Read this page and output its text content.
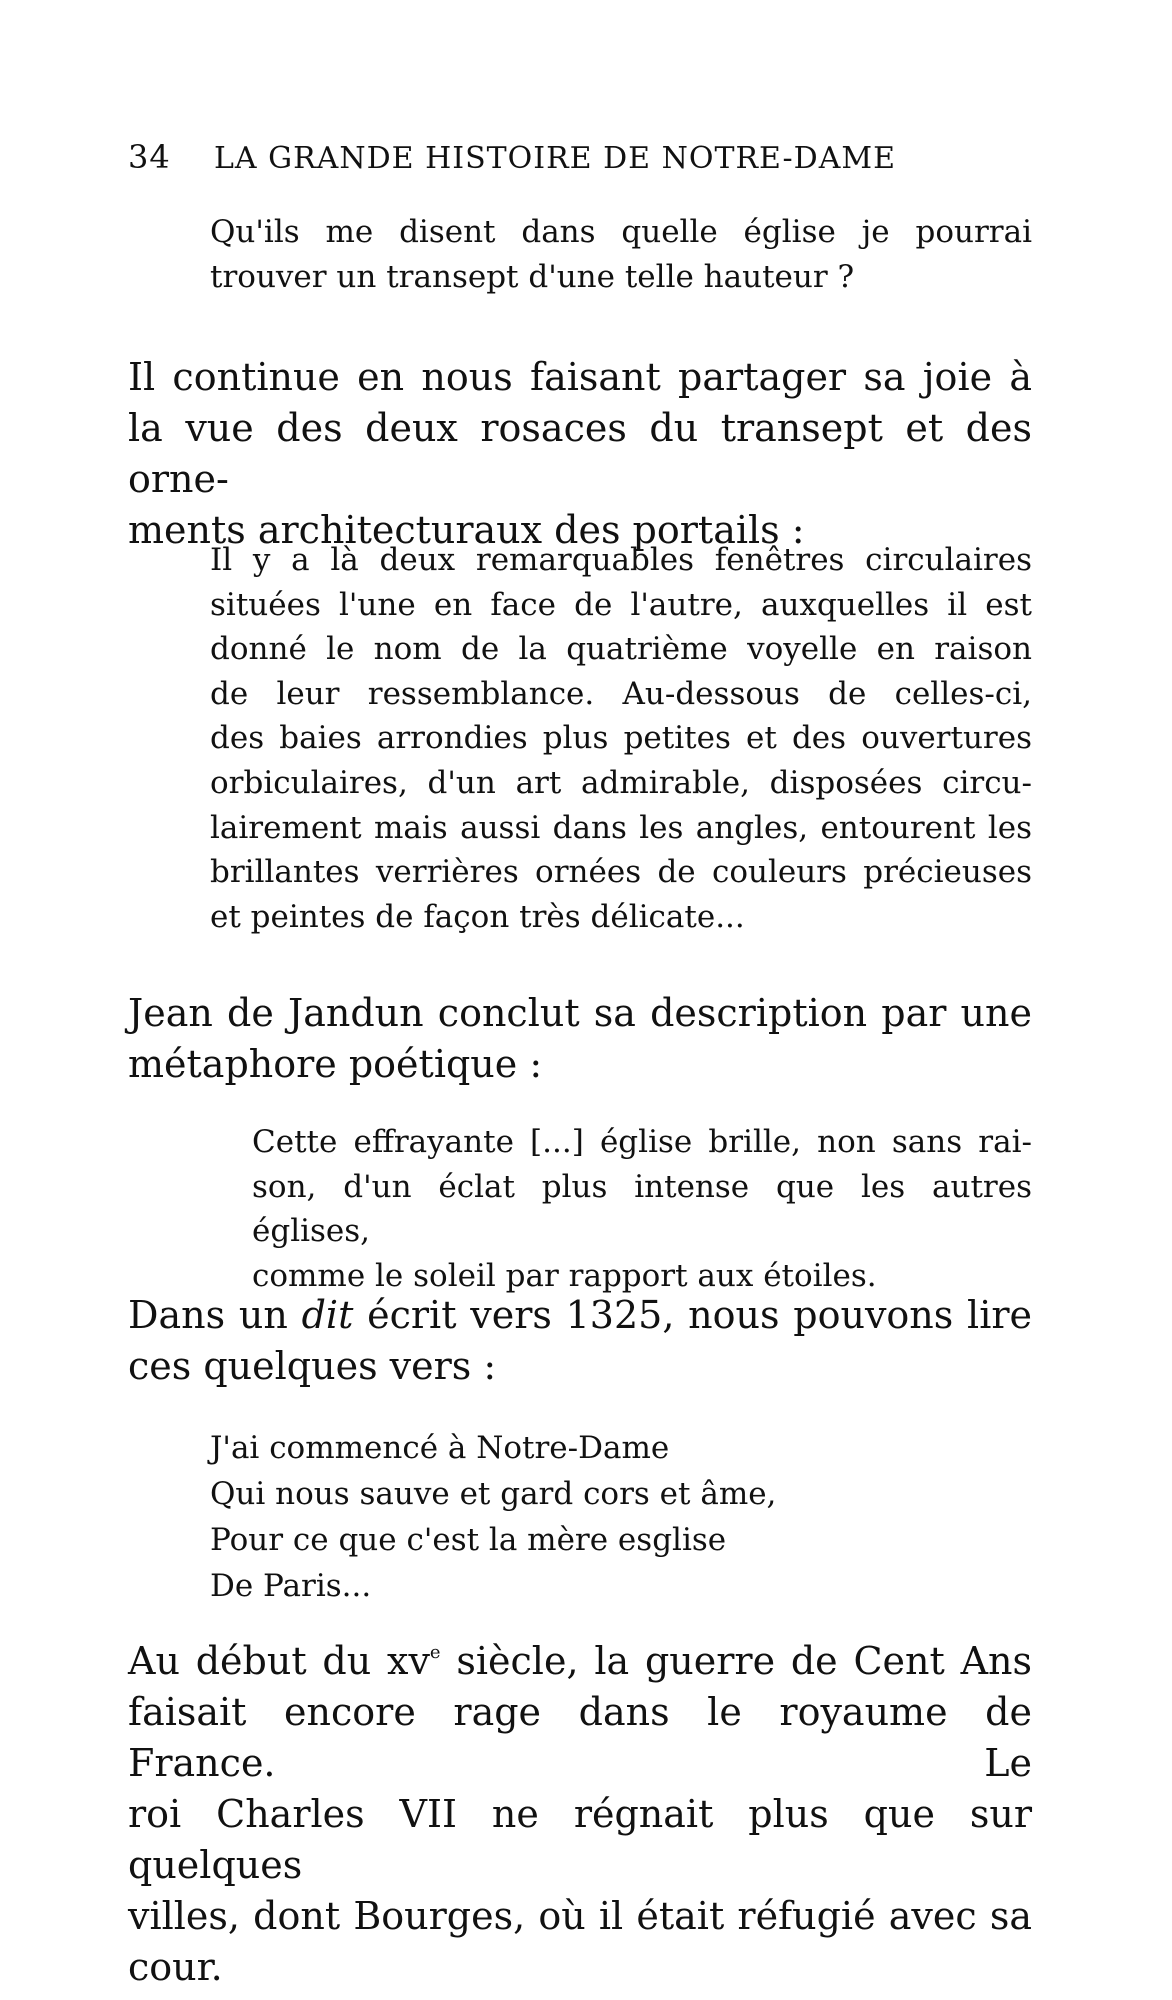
34 LA GRANDE HISTOIRE DE NOTRE-DAME
Qu'ils me disent dans quelle église je pourrai
trouver un transept d'une telle hauteur ?
Il continue en nous faisant partager sa joie à
la vue des deux rosaces du transept et des orne-
ments architecturaux des portails :
Il y a là deux remarquables fenêtres circulaires
situées l'une en face de l'autre, auxquelles il est
donné le nom de la quatrième voyelle en raison
de leur ressemblance. Au-dessous de celles-ci,
des baies arrondies plus petites et des ouvertures
orbiculaires, d'un art admirable, disposées circu-
lairement mais aussi dans les angles, entourent les
brillantes verrières ornées de couleurs précieuses
et peintes de façon très délicate...
Jean de Jandun conclut sa description par une
métaphore poétique :
Cette effrayante [...] église brille, non sans rai-
son, d'un éclat plus intense que les autres églises,
comme le soleil par rapport aux étoiles.
Dans un dit écrit vers 1325, nous pouvons lire
ces quelques vers :
J'ai commencé à Notre-Dame
Qui nous sauve et gard cors et âme,
Pour ce que c'est la mère esglise
De Paris...
Au début du $xv^e$ siècle, la guerre de Cent Ans
faisait encore rage dans le royaume de France. Le
roi Charles VII ne régnait plus que sur quelques
villes, dont Bourges, où il était réfugié avec sa cour.
